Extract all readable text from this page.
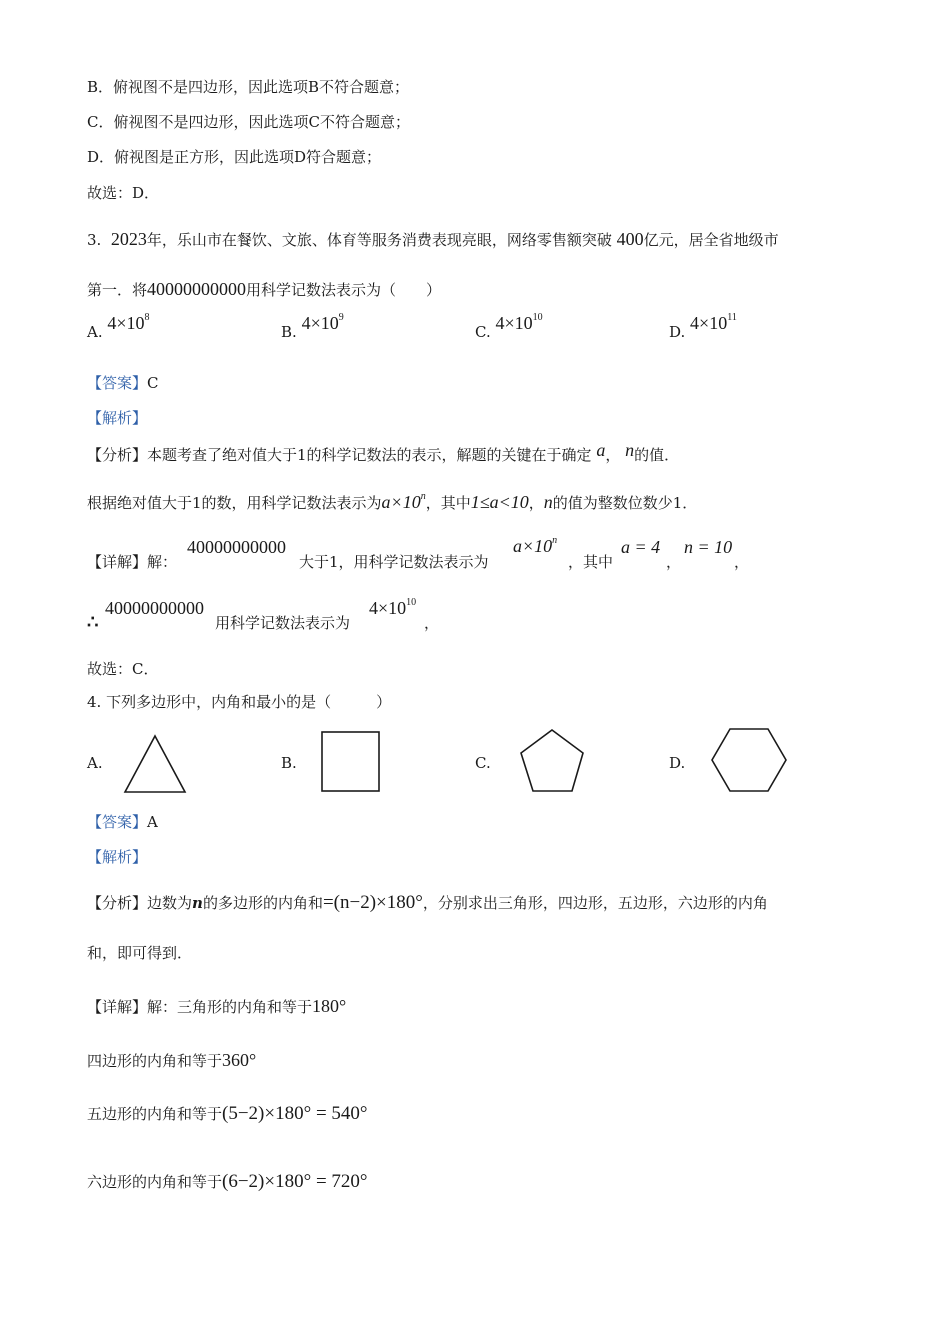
B．俯视图不是四边形，因此选项B不符合题意；
C．俯视图不是四边形，因此选项C不符合题意；
D．俯视图是正方形，因此选项D符合题意；
故选：D．
3. 2023年，乐山市在餐饮、文旅、体育等服务消费表现亮眼，网络零售额突破 400亿元，居全省地级市
第一．将40000000000用科学记数法表示为（　　）
A. $4\times 10^8$
B. $4\times 10^9$
C. $4\times 10^{10}$
D. $4\times 10^{11}$
【答案】C
【解析】
【分析】本题考查了绝对值大于1的科学记数法的表示，解题的关键在于确定 a， n的值．
根据绝对值大于1的数，用科学记数法表示为$a\times 10^n$，其中1≤a<10，n的值为整数位数少1．
【详解】解：
40000000000
大于1，用科学记数法表示为
$a\times 10^n$
，其中
a = 4
，
n = 10
，
∴
40000000000
用科学记数法表示为
$4\times 10^{10}$
，
故选：C．
4. 下列多边形中，内角和最小的是（　　　）
A.	B.	C.	D.
【答案】A
【解析】
【分析】边数为n的多边形的内角和=(n−2)×180°，分别求出三角形，四边形，五边形，六边形的内角
和，即可得到．
【详解】解：三角形的内角和等于180°
四边形的内角和等于360°
五边形的内角和等于(5−2)×180° = 540°
六边形的内角和等于(6−2)×180° = 720°
